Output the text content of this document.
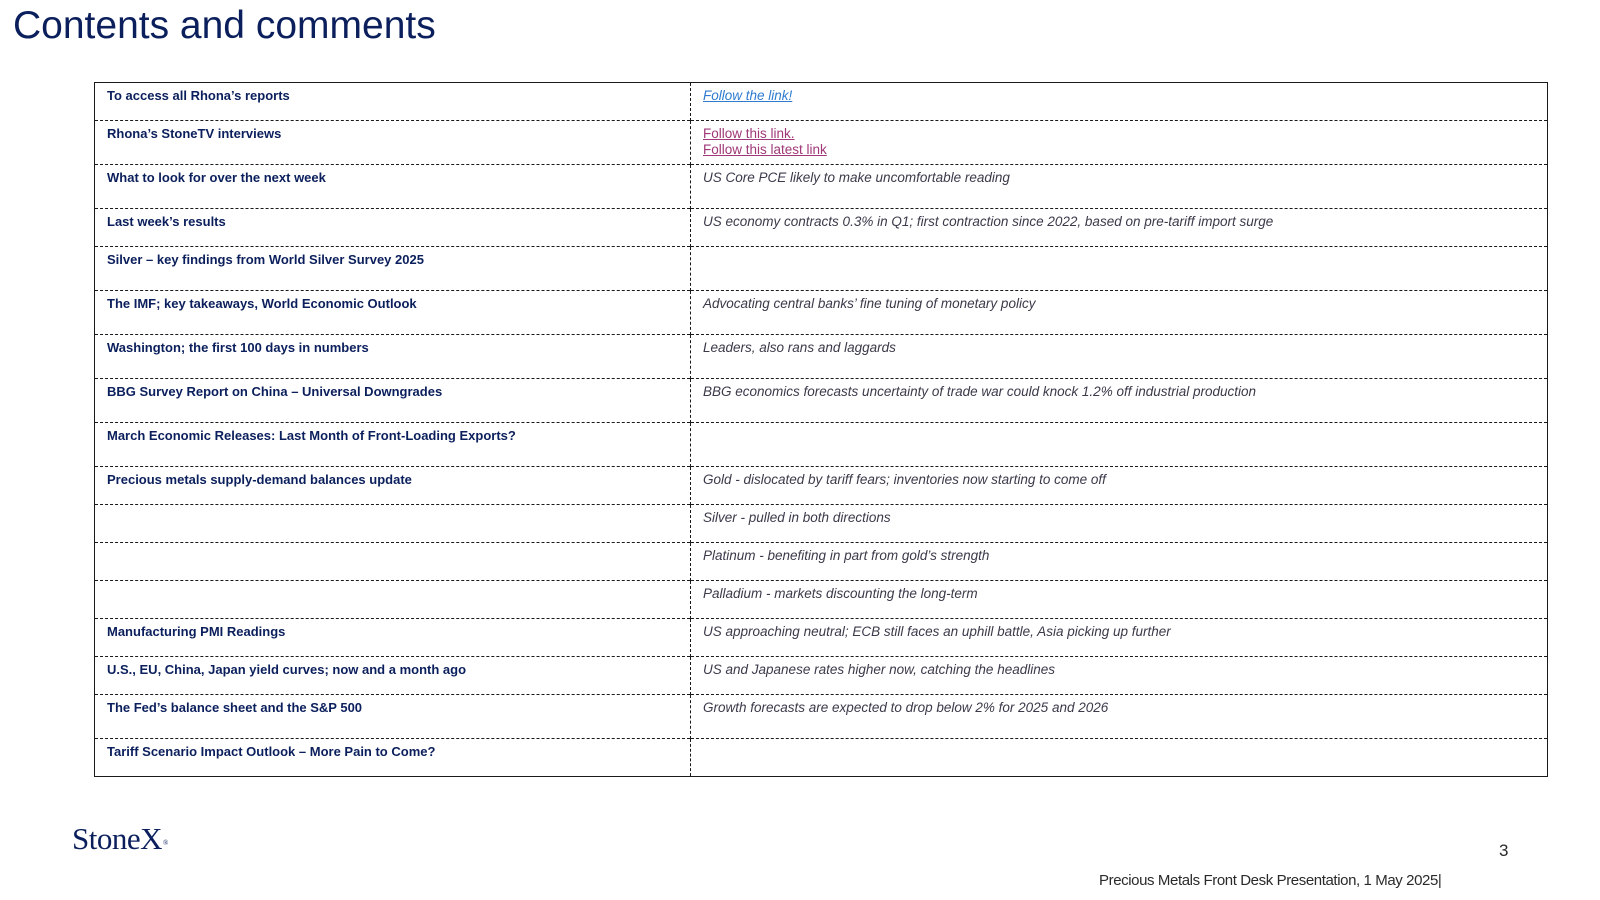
Contents and comments
To access all Rhona’s reports	Follow the link!
Rhona’s StoneTV interviews	Follow this link.
Follow this latest link

What to look for over the next week	US Core PCE likely to make uncomfortable reading
Last week’s results	US economy contracts 0.3% in Q1; first contraction since 2022, based on pre-tariff import surge
Silver – key findings from World Silver Survey 2025	
The IMF; key takeaways, World Economic Outlook	Advocating central banks’ fine tuning of monetary policy
Washington; the first 100 days in numbers	Leaders, also rans and laggards
BBG Survey Report on China – Universal Downgrades	BBG economics forecasts uncertainty of trade war could knock 1.2% off industrial production
March Economic Releases: Last Month of Front-Loading Exports?	
Precious metals supply-demand balances update	Gold - dislocated by tariff fears; inventories now starting to come off
	Silver - pulled in both directions
	Platinum - benefiting in part from gold’s strength
	Palladium - markets discounting the long-term
Manufacturing PMI Readings	US approaching neutral; ECB still faces an uphill battle, Asia picking up further
U.S., EU, China, Japan yield curves; now and a month ago	US and Japanese rates higher now, catching the headlines
The Fed’s balance sheet and the S&P 500	Growth forecasts are expected to drop below 2% for 2025 and 2026
Tariff Scenario Impact Outlook – More Pain to Come?	
StoneX®	3
Precious Metals Front Desk Presentation, 1 May 2025|
